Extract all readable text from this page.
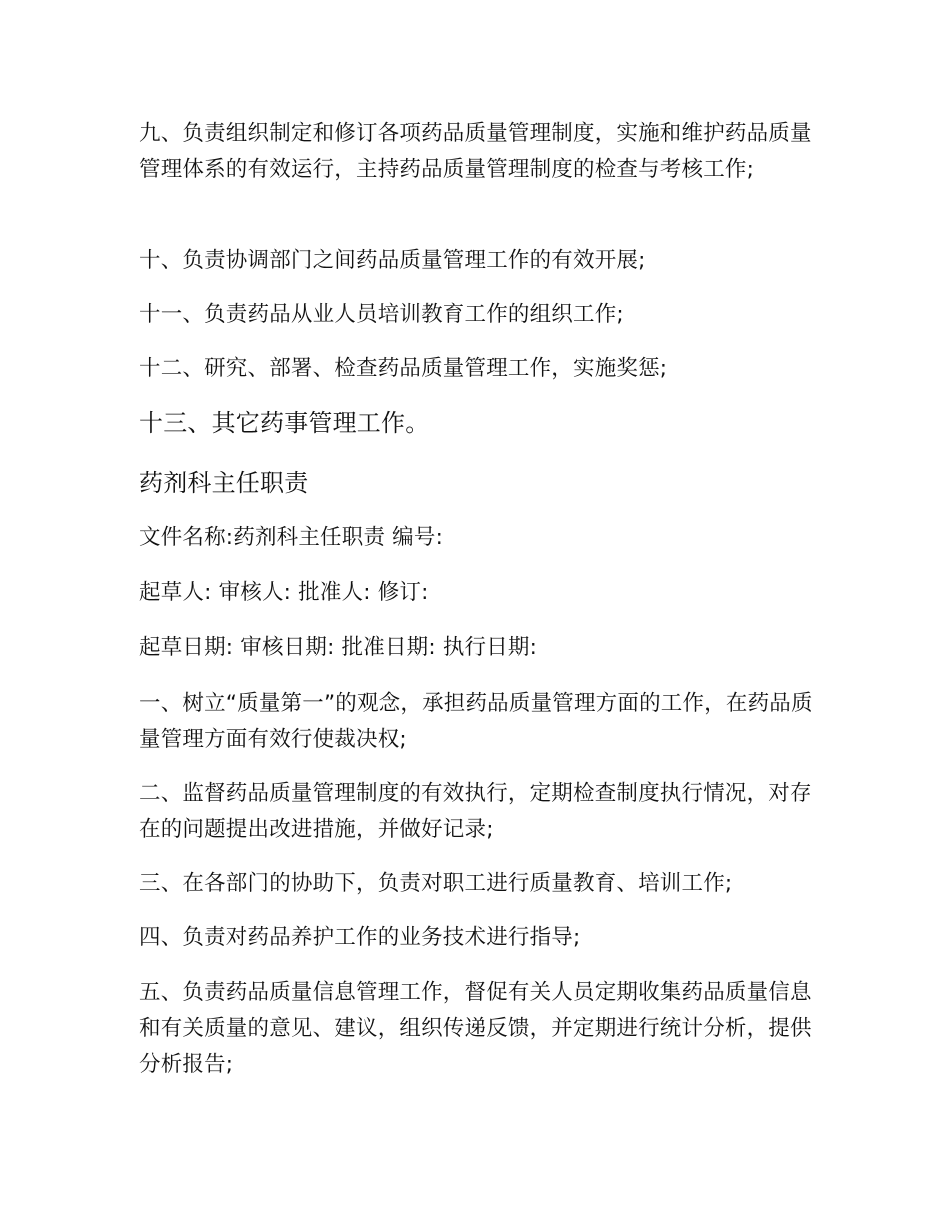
九、负责组织制定和修订各项药品质量管理制度，实施和维护药品质量管理体系的有效运行，主持药品质量管理制度的检查与考核工作;

十、负责协调部门之间药品质量管理工作的有效开展;

十一、负责药品从业人员培训教育工作的组织工作;

十二、研究、部署、检查药品质量管理工作，实施奖惩;

十三、其它药事管理工作。

药剂科主任职责

文件名称:药剂科主任职责 编号:

起草人: 审核人: 批准人: 修订:

起草日期: 审核日期: 批准日期: 执行日期:

一、树立“质量第一”的观念，承担药品质量管理方面的工作，在药品质量管理方面有效行使裁决权;

二、监督药品质量管理制度的有效执行，定期检查制度执行情况，对存在的问题提出改进措施，并做好记录;

三、在各部门的协助下，负责对职工进行质量教育、培训工作;

四、负责对药品养护工作的业务技术进行指导;

五、负责药品质量信息管理工作，督促有关人员定期收集药品质量信息和有关质量的意见、建议，组织传递反馈，并定期进行统计分析，提供分析报告;
